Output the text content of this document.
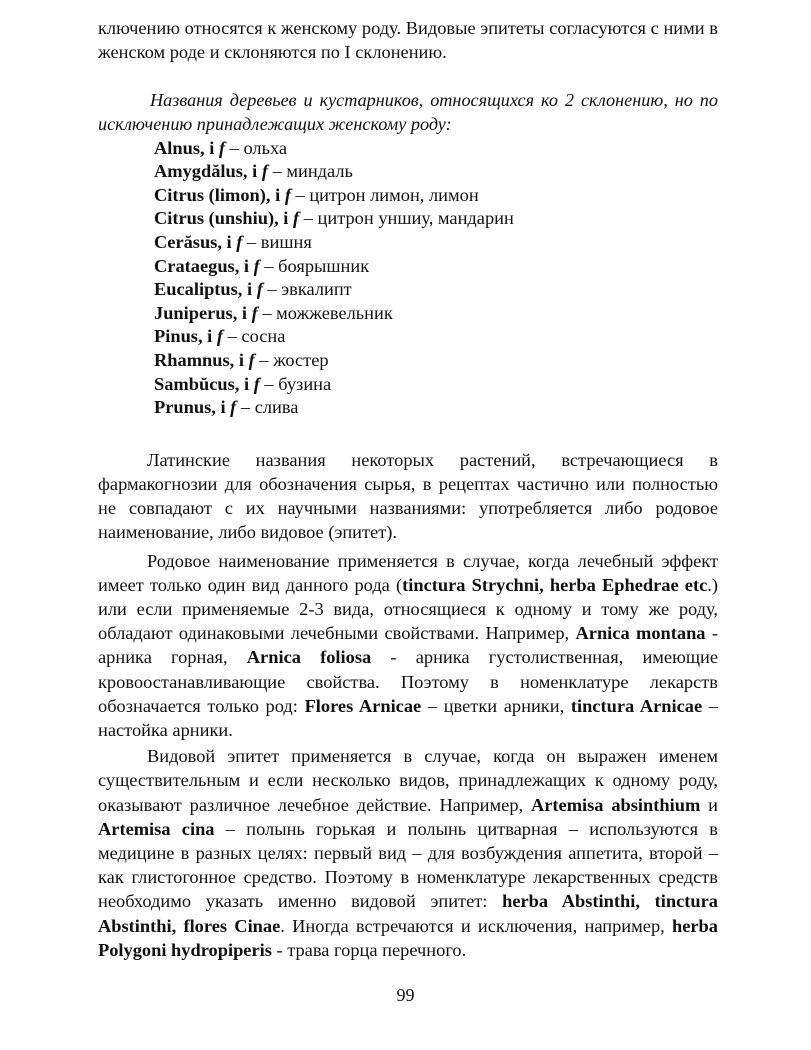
ключению относятся к женскому роду. Видовые эпитеты согласуются с ними в женском роде и склоняются по I склонению.

Названия деревьев и кустарников, относящихся ко 2 склонению, но по исключению принадлежащих женскому роду:

Alnus, i f – ольха
Amygdălus, i f – миндаль
Citrus (limon), i f – цитрон лимон, лимон
Citrus (unshiu), i f – цитрон уншиу, мандарин
Cerăsus, i f – вишня
Crataegus, i f – боярышник
Eucaliptus, i f – эвкалипт
Juniperus, i f – можжевельник
Pinus, i f – сосна
Rhamnus, i f – жостер
Sambŭcus, i f – бузина
Prunus, i f – слива

Латинские названия некоторых растений, встречающиеся в фармакогнозии для обозначения сырья, в рецептах частично или полностью не совпадают с их научными названиями: употребляется либо родовое наименование, либо видовое (эпитет).

Родовое наименование применяется в случае, когда лечебный эффект имеет только один вид данного рода (tinctura Strychni, herba Ephedrae etc.) или если применяемые 2-3 вида, относящиеся к одному и тому же роду, обладают одинаковыми лечебными свойствами. Например, Arnica montana - арника горная, Arnica foliosa - арника густолиственная, имеющие кровоостанавливающие свойства. Поэтому в номенклатуре лекарств обозначается только род: Flores Arnicae – цветки арники, tinctura Arnicae – настойка арники.

Видовой эпитет применяется в случае, когда он выражен именем существительным и если несколько видов, принадлежащих к одному роду, оказывают различное лечебное действие. Например, Artemisa absinthium и Artemisa cina – полынь горькая и полынь цитварная – используются в медицине в разных целях: первый вид – для возбуждения аппетита, второй – как глистогонное средство. Поэтому в номенклатуре лекарственных средств необходимо указать именно видовой эпитет: herba Abstinthi, tinctura Abstinthi, flores Cinae. Иногда встречаются и исключения, например, herba Polygoni hydropiperis - трава горца перечного.

99
